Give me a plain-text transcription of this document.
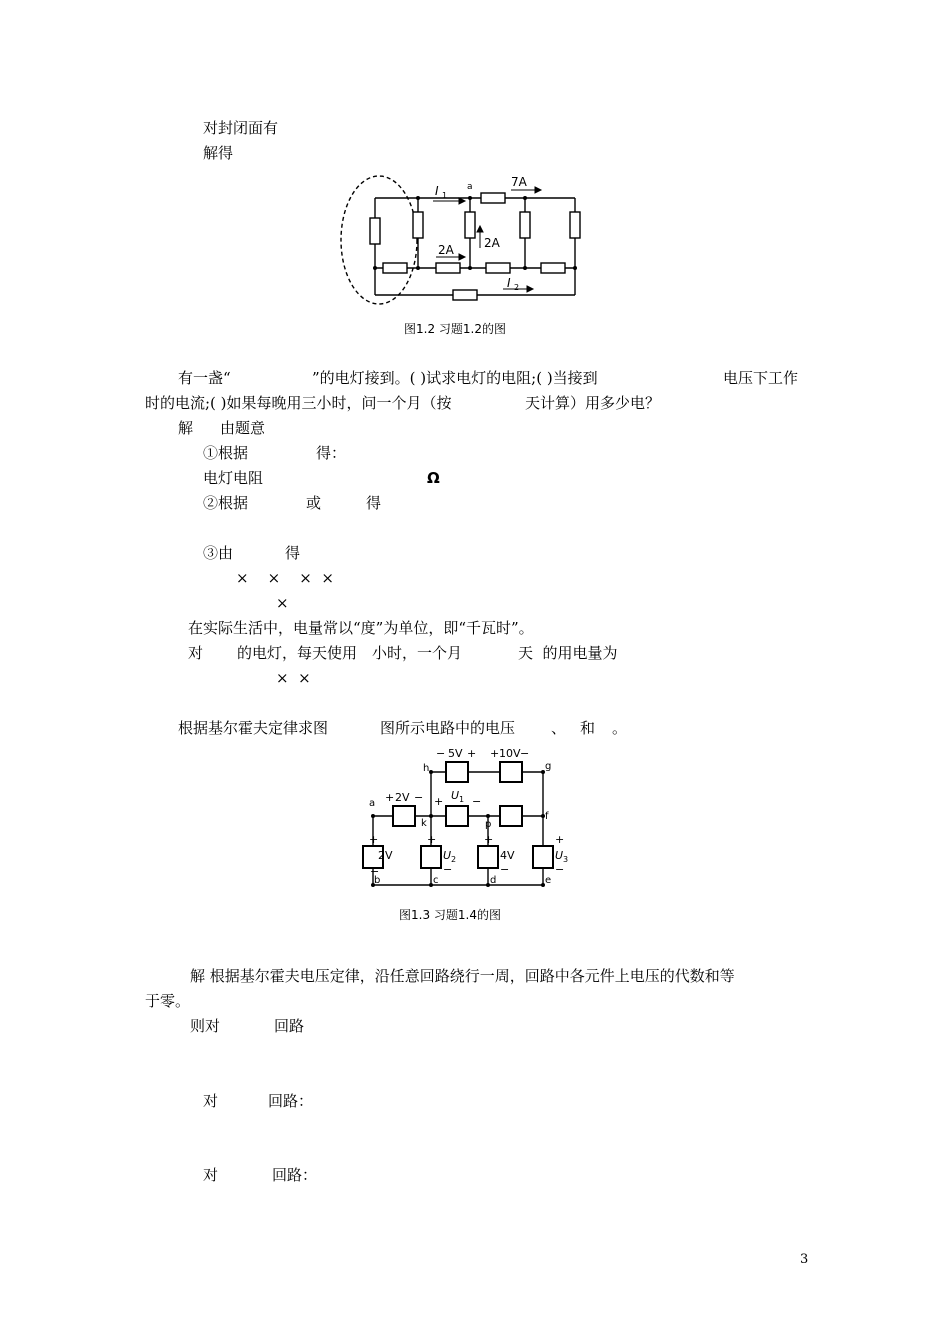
对封闭面有
解得
I 1
a	7A
2A	2A
I 2
图1.2 习题1.2的图
有一盏“	”的电灯接到。( )试求电灯的电阻;( )当接到	电压下工作
时的电流;( )如果每晚用三小时，问一个月（按	天计算）用多少电？
解 由题意
①根据	得：
电灯电阻	Ω
②根据	或	得
③由	得
×    ×    ×  ×
×
在实际生活中，电量常以“度”为单位，即“千瓦时”。
对 的电灯，每天使用 小时，一个月	天  的用电量为
×  ×
根据基尔霍夫定律求图	图所示电路中的电压 、 和 。
h	g
a
k	p
f
b	c	d	e
− 5V + + 10V −
+ 2V − + U 1 −
+
2V
−
+
U 2
−
+
4V
−
+
U 3
−
图1.3 习题1.4的图
解 根据基尔霍夫电压定律，沿任意回路绕行一周，回路中各元件上电压的代数和等
于零。
则对	回路
对	回路：
对	回路：
3
